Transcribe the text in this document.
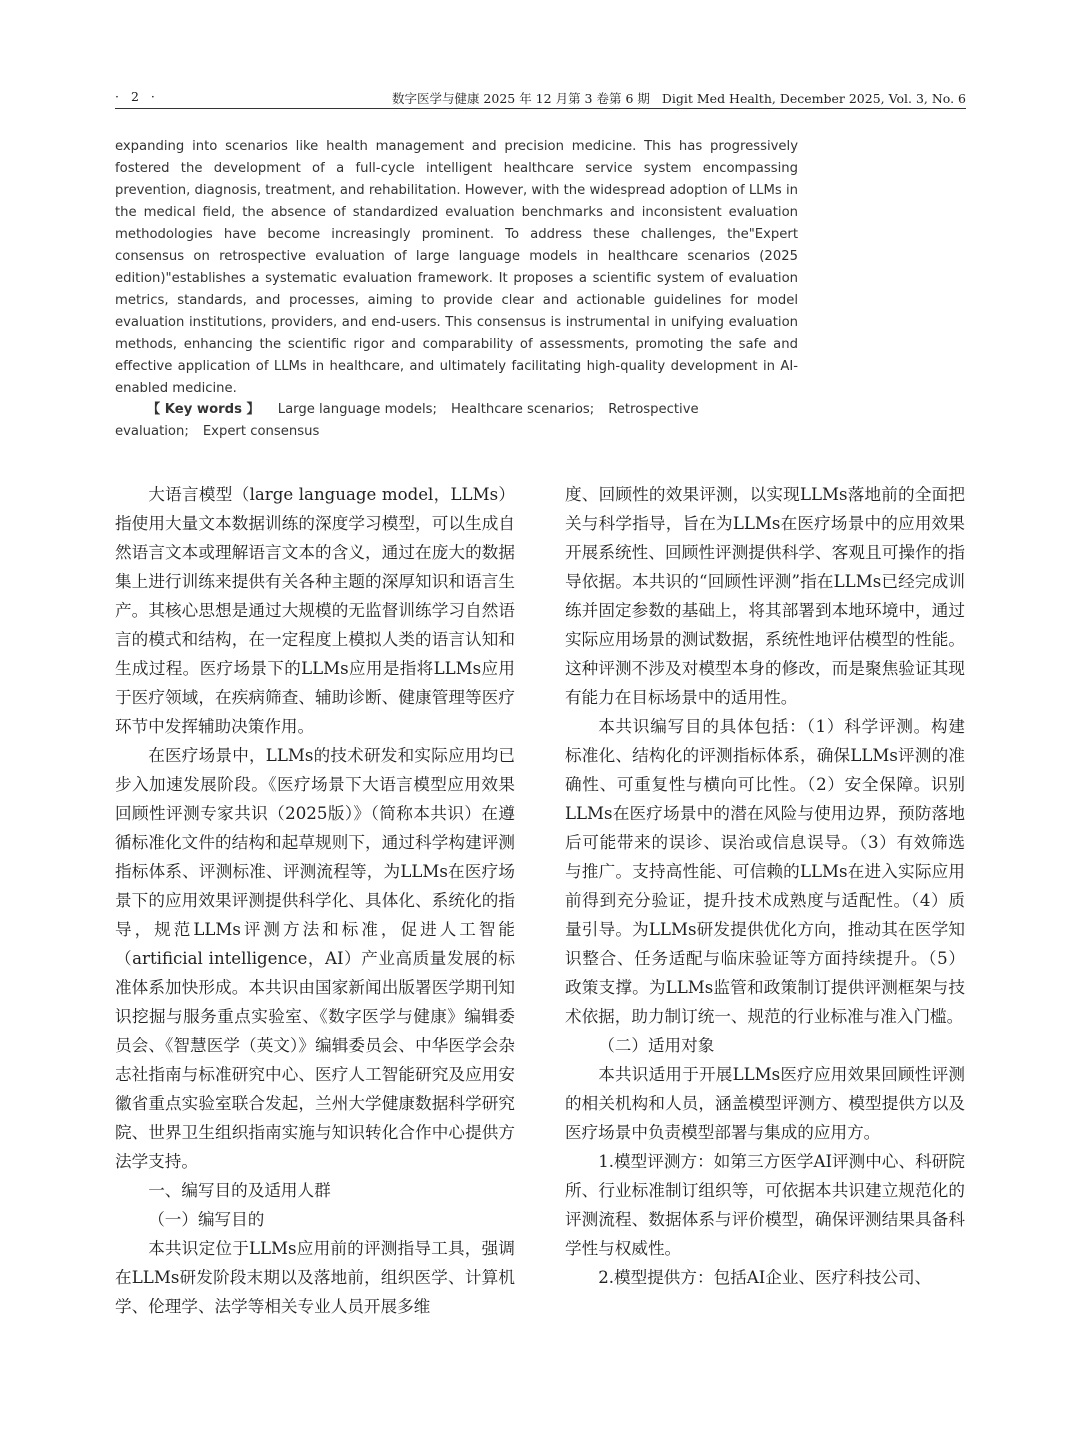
· 2 ·	数字医学与健康 2025 年 12 月第 3 卷第 6 期 Digit Med Health, December 2025, Vol. 3, No. 6

expanding into scenarios like health management and precision medicine. This has progressively fostered the development of a full-cycle intelligent healthcare service system encompassing prevention, diagnosis, treatment, and rehabilitation. However, with the widespread adoption of LLMs in the medical field, the absence of standardized evaluation benchmarks and inconsistent evaluation methodologies have become increasingly prominent. To address these challenges, the"Expert consensus on retrospective evaluation of large language models in healthcare scenarios (2025 edition)"establishes a systematic evaluation framework. It proposes a scientific system of evaluation metrics, standards, and processes, aiming to provide clear and actionable guidelines for model evaluation institutions, providers, and end-users. This consensus is instrumental in unifying evaluation methods, enhancing the scientific rigor and comparability of assessments, promoting the safe and effective application of LLMs in healthcare, and ultimately facilitating high-quality development in AI-enabled medicine.

【 Key words 】 Large language models; Healthcare scenarios; Retrospective evaluation; Expert consensus

大语言模型（large language model，LLMs）指使用大量文本数据训练的深度学习模型，可以生成自然语言文本或理解语言文本的含义，通过在庞大的数据集上进行训练来提供有关各种主题的深厚知识和语言生产。其核心思想是通过大规模的无监督训练学习自然语言的模式和结构，在一定程度上模拟人类的语言认知和生成过程。医疗场景下的LLMs应用是指将LLMs应用于医疗领域，在疾病筛查、辅助诊断、健康管理等医疗环节中发挥辅助决策作用。

在医疗场景中，LLMs的技术研发和实际应用均已步入加速发展阶段。《医疗场景下大语言模型应用效果回顾性评测专家共识（2025版）》（简称本共识）在遵循标准化文件的结构和起草规则下，通过科学构建评测指标体系、评测标准、评测流程等，为LLMs在医疗场景下的应用效果评测提供科学化、具体化、系统化的指导，规范LLMs评测方法和标准，促进人工智能（artificial intelligence，AI）产业高质量发展的标准体系加快形成。本共识由国家新闻出版署医学期刊知识挖掘与服务重点实验室、《数字医学与健康》编辑委员会、《智慧医学（英文）》编辑委员会、中华医学会杂志社指南与标准研究中心、医疗人工智能研究及应用安徽省重点实验室联合发起，兰州大学健康数据科学研究院、世界卫生组织指南实施与知识转化合作中心提供方法学支持。

一、编写目的及适用人群

（一）编写目的

本共识定位于LLMs应用前的评测指导工具，强调在LLMs研发阶段末期以及落地前，组织医学、计算机学、伦理学、法学等相关专业人员开展多维

度、回顾性的效果评测，以实现LLMs落地前的全面把关与科学指导，旨在为LLMs在医疗场景中的应用效果开展系统性、回顾性评测提供科学、客观且可操作的指导依据。本共识的“回顾性评测”指在LLMs已经完成训练并固定参数的基础上，将其部署到本地环境中，通过实际应用场景的测试数据，系统性地评估模型的性能。这种评测不涉及对模型本身的修改，而是聚焦验证其现有能力在目标场景中的适用性。

本共识编写目的具体包括：（1）科学评测。构建标准化、结构化的评测指标体系，确保LLMs评测的准确性、可重复性与横向可比性。（2）安全保障。识别LLMs在医疗场景中的潜在风险与使用边界，预防落地后可能带来的误诊、误治或信息误导。（3）有效筛选与推广。支持高性能、可信赖的LLMs在进入实际应用前得到充分验证，提升技术成熟度与适配性。（4）质量引导。为LLMs研发提供优化方向，推动其在医学知识整合、任务适配与临床验证等方面持续提升。（5）政策支撑。为LLMs监管和政策制订提供评测框架与技术依据，助力制订统一、规范的行业标准与准入门槛。

（二）适用对象

本共识适用于开展LLMs医疗应用效果回顾性评测的相关机构和人员，涵盖模型评测方、模型提供方以及医疗场景中负责模型部署与集成的应用方。

1.模型评测方：如第三方医学AI评测中心、科研院所、行业标准制订组织等，可依据本共识建立规范化的评测流程、数据体系与评价模型，确保评测结果具备科学性与权威性。

2.模型提供方：包括AI企业、医疗科技公司、
